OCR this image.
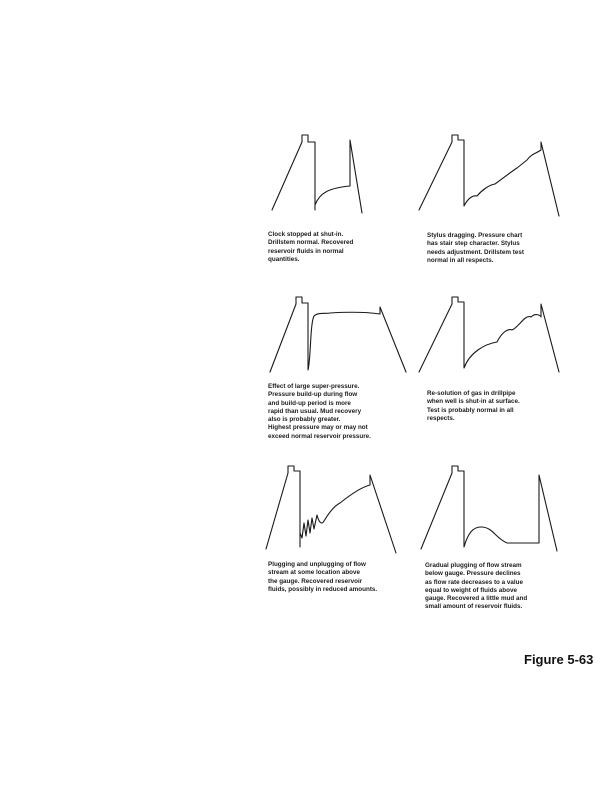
Clock stopped at shut-in.
Drillstem normal. Recovered
reservoir fluids in normal
quantities.
Stylus dragging. Pressure chart
has stair step character. Stylus
needs adjustment. Drillstem test
normal in all respects.
Effect of large super-pressure.
Pressure build-up during flow
and build-up period is more
rapid than usual. Mud recovery
also is probably greater.
Highest pressure may or may not
exceed normal reservoir pressure.
Re-solution of gas in drillpipe
when well is shut-in at surface.
Test is probably normal in all
respects.
Plugging and unplugging of flow
stream at some location above
the gauge. Recovered reservoir
fluids, possibly in reduced amounts.
Gradual plugging of flow stream
below gauge. Pressure declines
as flow rate decreases to a value
equal to weight of fluids above
gauge. Recovered a little mud and
small amount of reservoir fluids.
Figure 5-63
